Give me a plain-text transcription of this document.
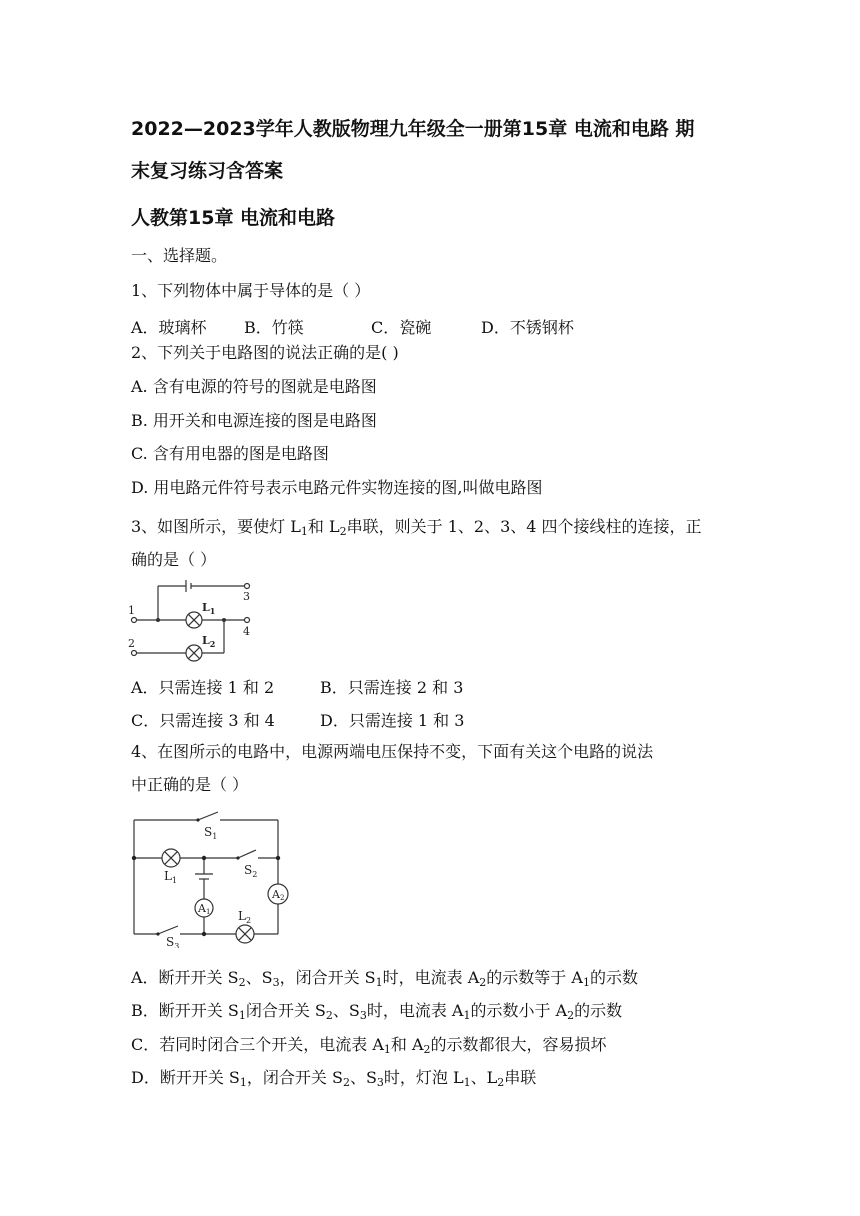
2022—2023学年人教版物理九年级全一册第15章 电流和电路 期
末复习练习含答案
人教第15章 电流和电路
一、选择题。
1、下列物体中属于导体的是（ ）
A．玻璃杯 B．竹筷	C．瓷碗	D．不锈钢杯
2、下列关于电路图的说法正确的是( )
A. 含有电源的符号的图就是电路图
B. 用开关和电源连接的图是电路图
C. 含有用电器的图是电路图
D. 用电路元件符号表示电路元件实物连接的图,叫做电路图
3、如图所示，要使灯 $L_1$和 $L_2$串联，则关于 1、2、3、4 四个接线柱的连接，正
确的是（ ）
1
2
3
4
$L_1$
$L_2$
A．只需连接 1 和 2	B．只需连接 2 和 3
C．只需连接 3 和 4	D．只需连接 1 和 3
4、在图所示的电路中，电源两端电压保持不变，下面有关这个电路的说法
中正确的是（ ）
$S_1$
$S_2$
$S_3$
$L_1$
$L_2$
A1
A2
A．断开开关 $S_2$、$S_3$，闭合开关 $S_1$时，电流表 $A_2$的示数等于 $A_1$的示数
B．断开开关 $S_1$闭合开关 $S_2$、$S_3$时，电流表 $A_1$的示数小于 $A_2$的示数
C．若同时闭合三个开关，电流表 $A_1$和 $A_2$的示数都很大，容易损坏
D．断开开关 $S_1$，闭合开关 $S_2$、$S_3$时，灯泡 $L_1$、$L_2$串联
